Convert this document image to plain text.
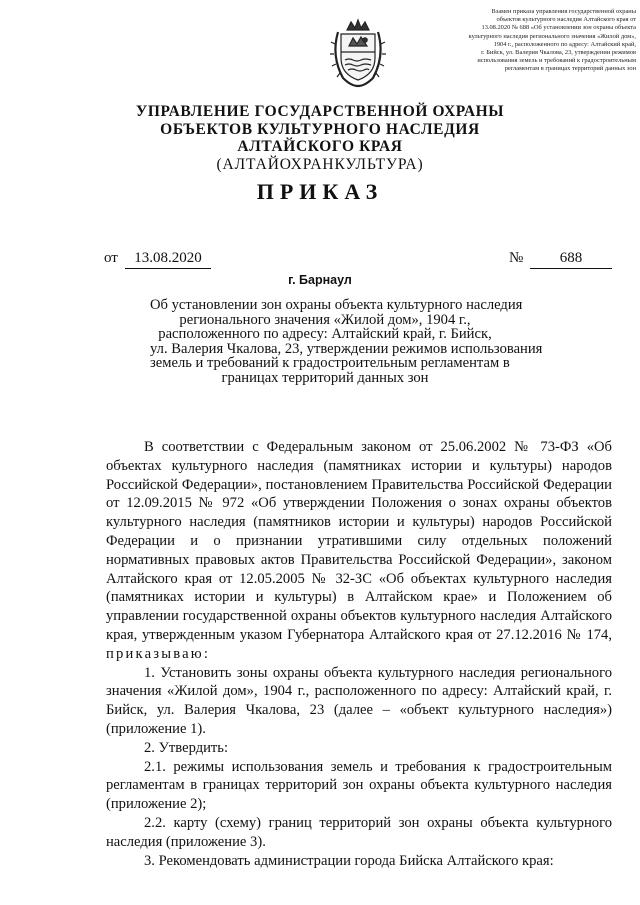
Взамен приказа управления государственной охраны
объектов культурного наследия Алтайского края от
13.08.2020 № 688 «Об установлении зон охраны объекта
культурного наследия регионального значения «Жилой дом»,
1904 г., расположенного по адресу: Алтайский край,
г. Бийск, ул. Валерия Чкалова, 23, утверждении режимов
использования земель и требований к градостроительным
регламентам в границах территорий данных зон
УПРАВЛЕНИЕ ГОСУДАРСТВЕННОЙ ОХРАНЫ
ОБЪЕКТОВ КУЛЬТУРНОГО НАСЛЕДИЯ
АЛТАЙСКОГО КРАЯ
(АЛТАЙОХРАНКУЛЬТУРА)
ПРИКАЗ
от	13.08.2020	№	688
г. Барнаул
Об установлении зон охраны объекта культурного наследия
регионального значения «Жилой дом», 1904 г.,
расположенного по адресу: Алтайский край, г. Бийск,
ул. Валерия Чкалова, 23, утверждении режимов использования
земель и требований к градостроительным регламентам в
границах территорий данных зон

В соответствии с Федеральным законом от 25.06.2002 № 73-ФЗ «Об объектах культурного наследия (памятниках истории и культуры) народов Российской Федерации», постановлением Правительства Российской Федерации от 12.09.2015 № 972 «Об утверждении Положения о зонах охраны объектов культурного наследия (памятников истории и культуры) народов Российской Федерации и о признании утратившими силу отдельных положений нормативных правовых актов Правительства Российской Федерации», законом Алтайского края от 12.05.2005 № 32-ЗС «Об объектах культурного наследия (памятниках истории и культуры) в Алтайском крае» и Положением об управлении государственной охраны объектов культурного наследия Алтайского края, утвержденным указом Губернатора Алтайского края от 27.12.2016 № 174, приказываю:

1. Установить зоны охраны объекта культурного наследия регионального значения «Жилой дом», 1904 г., расположенного по адресу: Алтайский край, г. Бийск, ул. Валерия Чкалова, 23 (далее – «объект культурного наследия») (приложение 1).

2. Утвердить:

2.1. режимы использования земель и требования к градостроительным регламентам в границах территорий зон охраны объекта культурного наследия (приложение 2);

2.2. карту (схему) границ территорий зон охраны объекта культурного наследия (приложение 3).

3. Рекомендовать администрации города Бийска Алтайского края:
